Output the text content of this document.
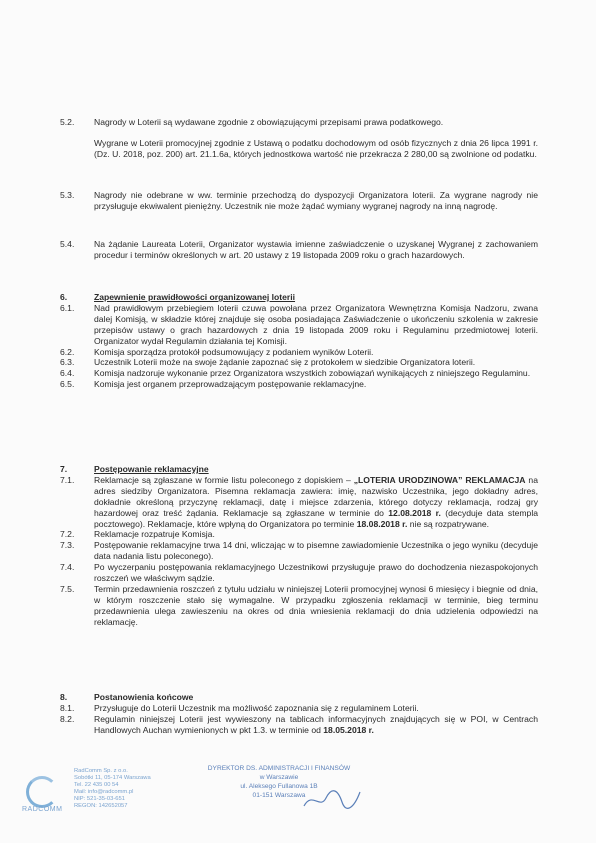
5.2.	Nagrody w Loterii są wydawane zgodnie z obowiązującymi przepisami prawa podatkowego.
Wygrane w Loterii promocyjnej zgodnie z Ustawą o podatku dochodowym od osób fizycznych z dnia 26 lipca 1991 r. (Dz. U. 2018, poz. 200) art. 21.1.6a, których jednostkowa wartość nie przekracza 2 280,00 są zwolnione od podatku.
5.3.	Nagrody nie odebrane w ww. terminie przechodzą do dyspozycji Organizatora loterii. Za wygrane nagrody nie przysługuje ekwiwalent pieniężny. Uczestnik nie może żądać wymiany wygranej nagrody na inną nagrodę.
5.4.	Na żądanie Laureata Loterii, Organizator wystawia imienne zaświadczenie o uzyskanej Wygranej z zachowaniem procedur i terminów określonych w art. 20 ustawy z 19 listopada 2009 roku o grach hazardowych.
6.	Zapewnienie prawidłowości organizowanej loterii
6.1.	Nad prawidłowym przebiegiem loterii czuwa powołana przez Organizatora Wewnętrzna Komisja Nadzoru, zwana dalej Komisją, w składzie której znajduje się osoba posiadająca Zaświadczenie o ukończeniu szkolenia w zakresie przepisów ustawy o grach hazardowych z dnia 19 listopada 2009 roku i Regulaminu przedmiotowej loterii. Organizator wydał Regulamin działania tej Komisji.
6.2.	Komisja sporządza protokół podsumowujący z podaniem wyników Loterii.
6.3.	Uczestnik Loterii może na swoje żądanie zapoznać się z protokołem w siedzibie Organizatora loterii.
6.4.	Komisja nadzoruje wykonanie przez Organizatora wszystkich zobowiązań wynikających z niniejszego Regulaminu.
6.5.	Komisja jest organem przeprowadzającym postępowanie reklamacyjne.
7.	Postępowanie reklamacyjne
7.1.	Reklamacje są zgłaszane w formie listu poleconego z dopiskiem – „LOTERIA URODZINOWA” REKLAMACJA na adres siedziby Organizatora. Pisemna reklamacja zawiera: imię, nazwisko Uczestnika, jego dokładny adres, dokładnie określoną przyczynę reklamacji, datę i miejsce zdarzenia, którego dotyczy reklamacja, rodzaj gry hazardowej oraz treść żądania. Reklamacje są zgłaszane w terminie do 12.08.2018 r. (decyduje data stempla pocztowego). Reklamacje, które wpłyną do Organizatora po terminie 18.08.2018 r. nie są rozpatrywane.
7.2.	Reklamacje rozpatruje Komisja.
7.3.	Postępowanie reklamacyjne trwa 14 dni, wliczając w to pisemne zawiadomienie Uczestnika o jego wyniku (decyduje data nadania listu poleconego).
7.4.	Po wyczerpaniu postępowania reklamacyjnego Uczestnikowi przysługuje prawo do dochodzenia niezaspokojonych roszczeń we właściwym sądzie.
7.5.	Termin przedawnienia roszczeń z tytułu udziału w niniejszej Loterii promocyjnej wynosi 6 miesięcy i biegnie od dnia, w którym roszczenie stało się wymagalne. W przypadku zgłoszenia reklamacji w terminie, bieg terminu przedawnienia ulega zawieszeniu na okres od dnia wniesienia reklamacji do dnia udzielenia odpowiedzi na reklamację.
8.	Postanowienia końcowe
8.1.	Przysługuje do Loterii Uczestnik ma możliwość zapoznania się z regulaminem Loterii.
8.2.	Regulamin niniejszej Loterii jest wywieszony na tablicach informacyjnych znajdujących się w POI, w Centrach Handlowych Auchan wymienionych w pkt 1.3. w terminie od 18.05.2018 r.
RADCOMM
RadComm Sp. z o.o.
Sobótki 11, 05-174 Warszawa
Tel. 22 435 00 54
Mail: info@radcomm.pl
NIP: 521-35-03-651
REGON: 142652057
DYREKTOR DS. ADMINISTRACJI I FINANSÓW
w Warszawie
ul. Aleksego Fullanowa 1B
01-151 Warszawa
